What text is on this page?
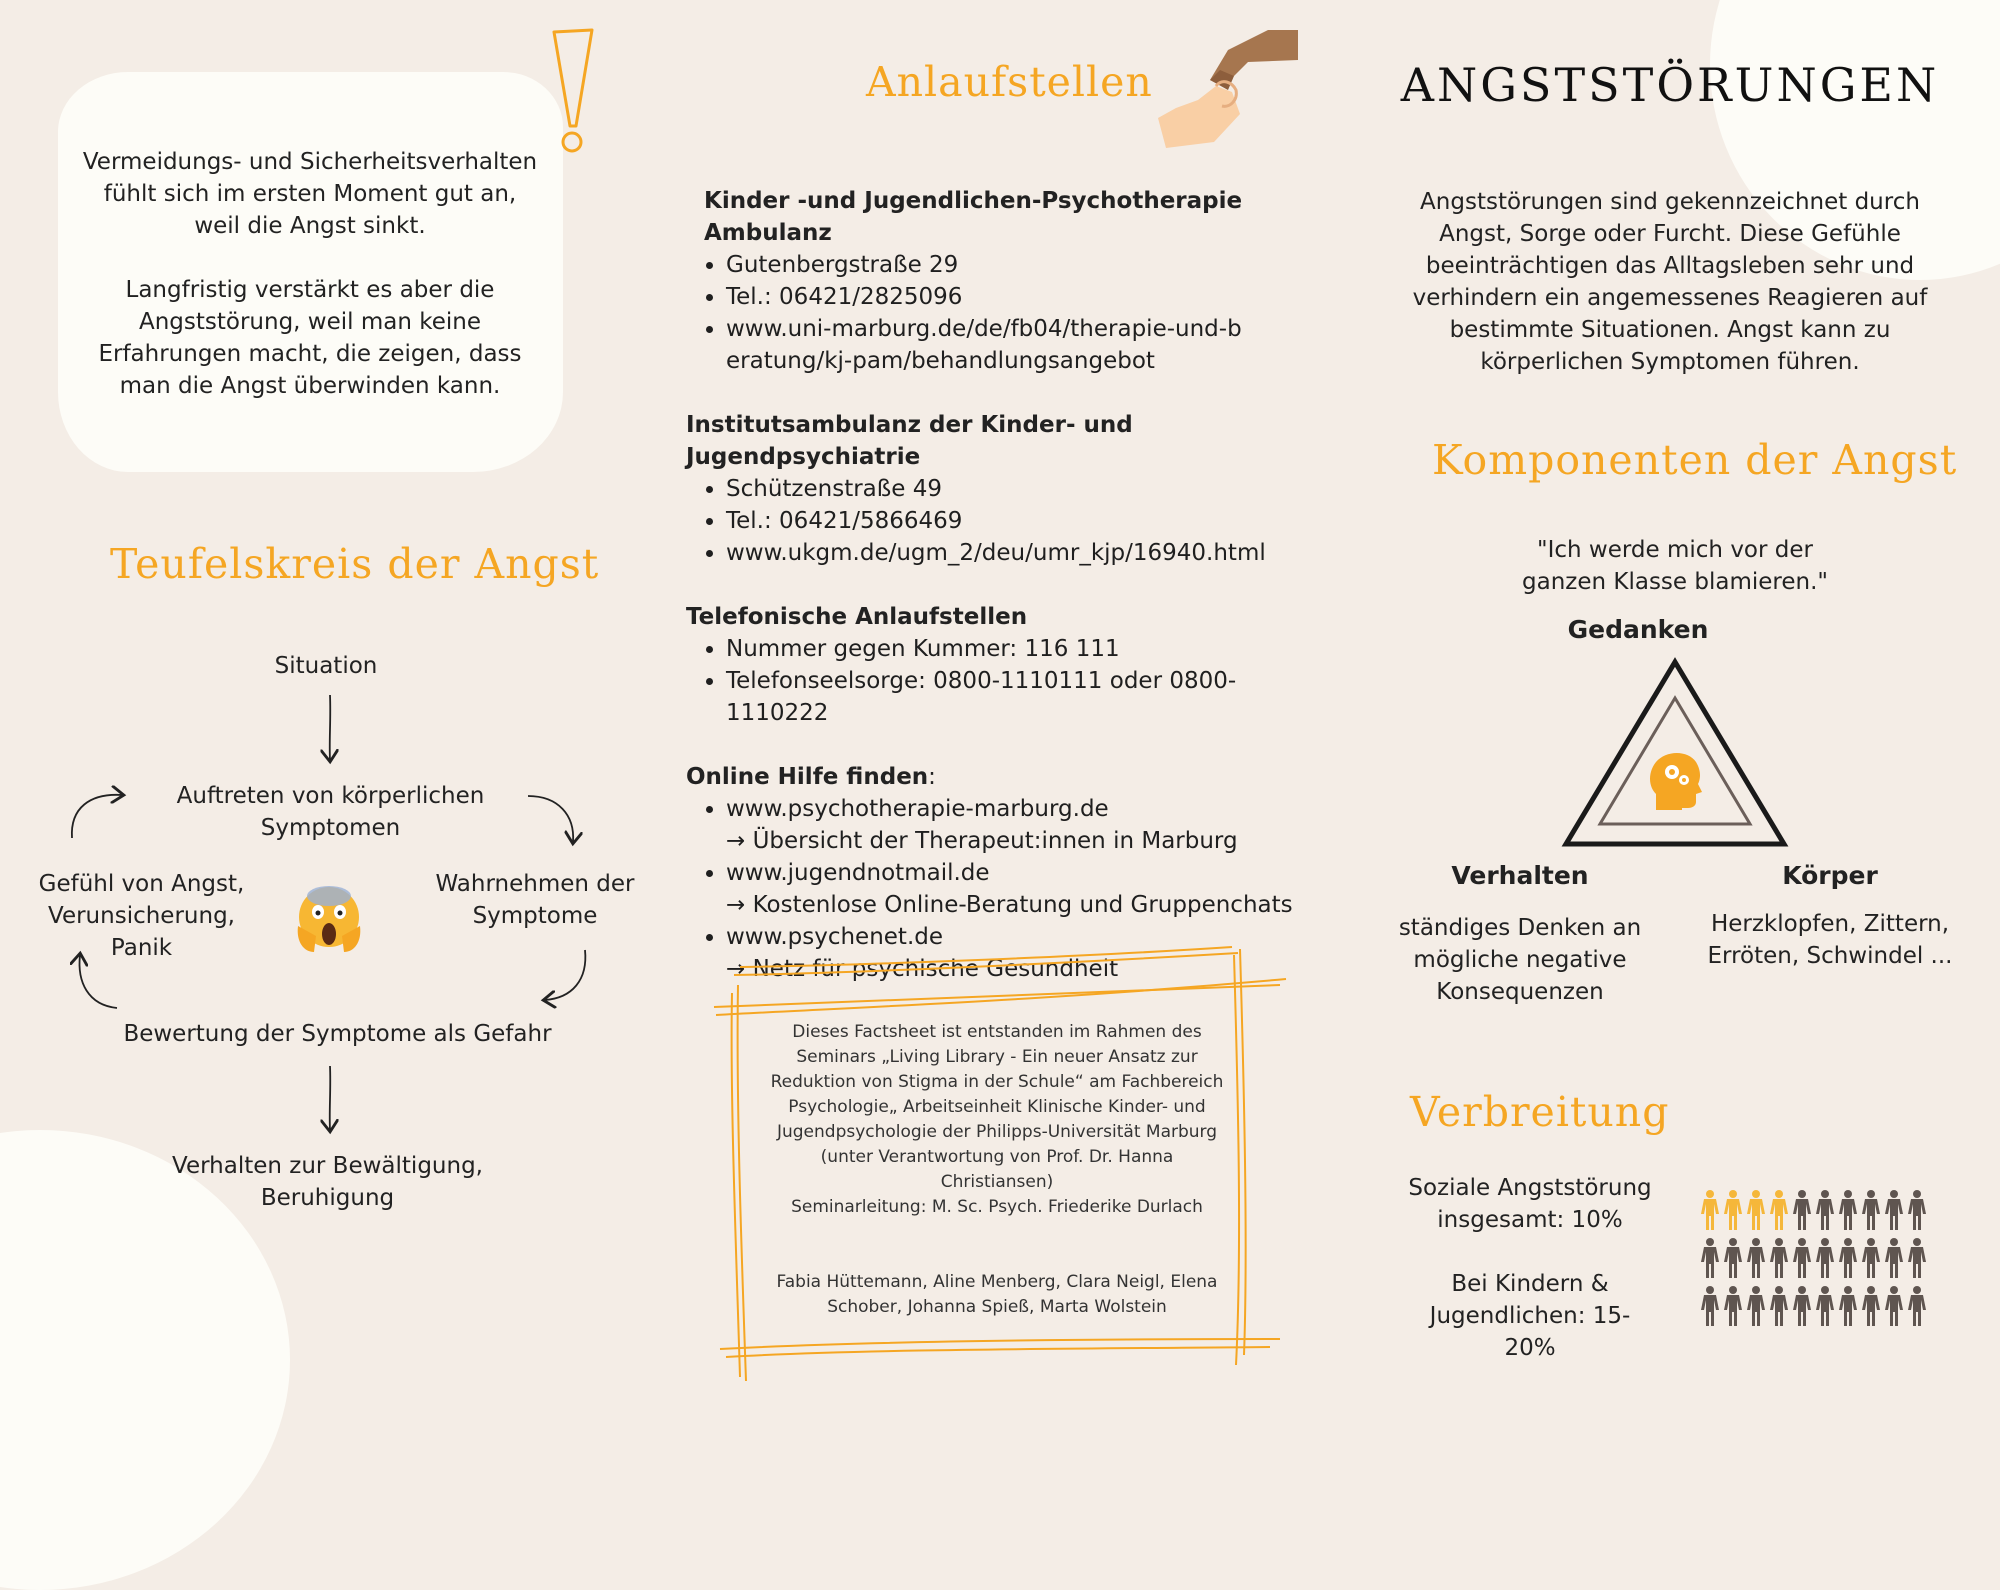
Vermeidungs- und Sicherheitsverhalten fühlt sich im ersten Moment gut an, weil die Angst sinkt.
Langfristig verstärkt es aber die Angststörung, weil man keine Erfahrungen macht, die zeigen, dass man die Angst überwinden kann.
Teufelskreis der Angst
Situation
Auftreten von körperlichen Symptomen
Wahrnehmen der Symptome
Gefühl von Angst, Verunsicherung, Panik
Bewertung der Symptome als Gefahr
Verhalten zur Bewältigung, Beruhigung
Anlaufstellen
Kinder -und Jugendlichen-Psychotherapie Ambulanz
• Gutenbergstraße 29
• Tel.: 06421/2825096
• www.uni-marburg.de/de/fb04/therapie-und-beratung/kj-pam/behandlungsangebot
Institutsambulanz der Kinder- und Jugendpsychiatrie
• Schützenstraße 49
• Tel.: 06421/5866469
• www.ukgm.de/ugm_2/deu/umr_kjp/16940.html
Telefonische Anlaufstellen
• Nummer gegen Kummer: 116 111
• Telefonseelsorge: 0800-1110111 oder 0800-1110222
Online Hilfe finden:
• www.psychotherapie-marburg.de
→ Übersicht der Therapeut:innen in Marburg
• www.jugendnotmail.de
→ Kostenlose Online-Beratung und Gruppenchats
• www.psychenet.de
→ Netz für psychische Gesundheit
Dieses Factsheet ist entstanden im Rahmen des Seminars „Living Library - Ein neuer Ansatz zur Reduktion von Stigma in der Schule“ am Fachbereich Psychologie„ Arbeitseinheit Klinische Kinder- und Jugendpsychologie der Philipps-Universität Marburg (unter Verantwortung von Prof. Dr. Hanna Christiansen)
Seminarleitung: M. Sc. Psych. Friederike Durlach
Fabia Hüttemann, Aline Menberg, Clara Neigl, Elena Schober, Johanna Spieß, Marta Wolstein
ANGSTSTÖRUNGEN
Angststörungen sind gekennzeichnet durch Angst, Sorge oder Furcht. Diese Gefühle beeinträchtigen das Alltagsleben sehr und verhindern ein angemessenes Reagieren auf bestimmte Situationen. Angst kann zu körperlichen Symptomen führen.
Komponenten der Angst
"Ich werde mich vor der ganzen Klasse blamieren."
Gedanken
Verhalten	Körper
ständiges Denken an mögliche negative Konsequenzen
Herzklopfen, Zittern, Erröten, Schwindel ...
Verbreitung
Soziale Angststörung insgesamt: 10%
Bei Kindern & Jugendlichen: 15-20%
